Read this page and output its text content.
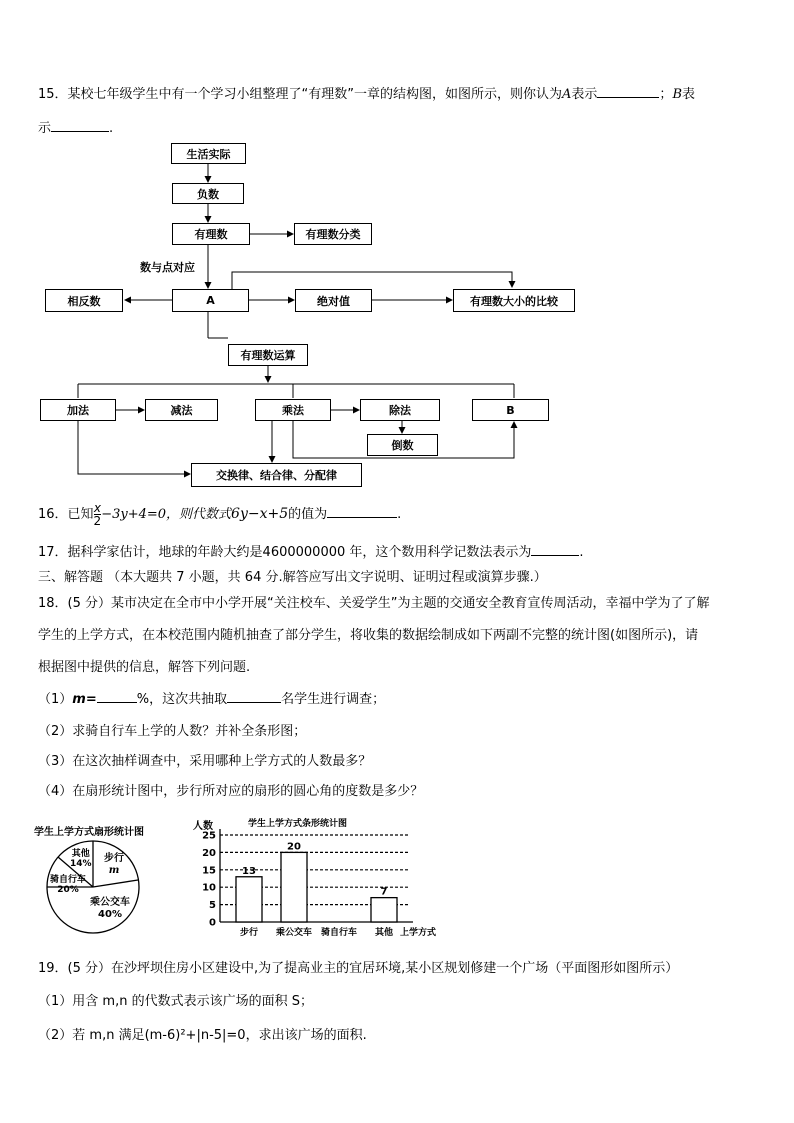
15．某校七年级学生中有一个学习小组整理了“有理数”一章的结构图，如图所示，则你认为A表示	；B表
示	.
生活实际
负数
有理数	有理数分类
数与点对应
相反数	A	绝对值	有理数大小的比较
有理数运算
加法	减法	乘法	除法	B
倒数
交换律、结合律、分配律
16．已知 $\frac{x}{2} -3y+4=0$，则代数式6y−x+5的值为	.
17．据科学家估计，地球的年龄大约是4600000000 年，这个数用科学记数法表示为	.
三、解答题 （本大题共 7 小题，共 64 分.解答应写出文字说明、证明过程或演算步骤.）
18．(5 分）某市决定在全市中小学开展“关注校车、关爱学生”为主题的交通安全教育宣传周活动，幸福中学为了了解
学生的上学方式，在本校范围内随机抽查了部分学生，将收集的数据绘制成如下两副不完整的统计图(如图所示)，请
根据图中提供的信息，解答下列问题.
（1）m=	%，这次共抽取	名学生进行调查；
（2）求骑自行车上学的人数？并补全条形图；
（3）在这次抽样调查中，采用哪种上学方式的人数最多？
（4）在扇形统计图中，步行所对应的扇形的圆心角的度数是多少？
学生上学方式扇形统计图
其他
14% 步行
m
骑自行车
20%
乘公交车
40%
学生上学方式条形统计图
人数
0
5
10
15
20
25
13
步行
20
乘公交车 骑自行车
7
其他 上学方式
19．(5 分）在沙坪坝住房小区建设中,为了提高业主的宜居环境,某小区规划修建一个广场（平面图形如图所示）
（1）用含 m,n 的代数式表示该广场的面积 S；
（2）若 m,n 满足(m-6)²+|n-5|=0，求出该广场的面积.
